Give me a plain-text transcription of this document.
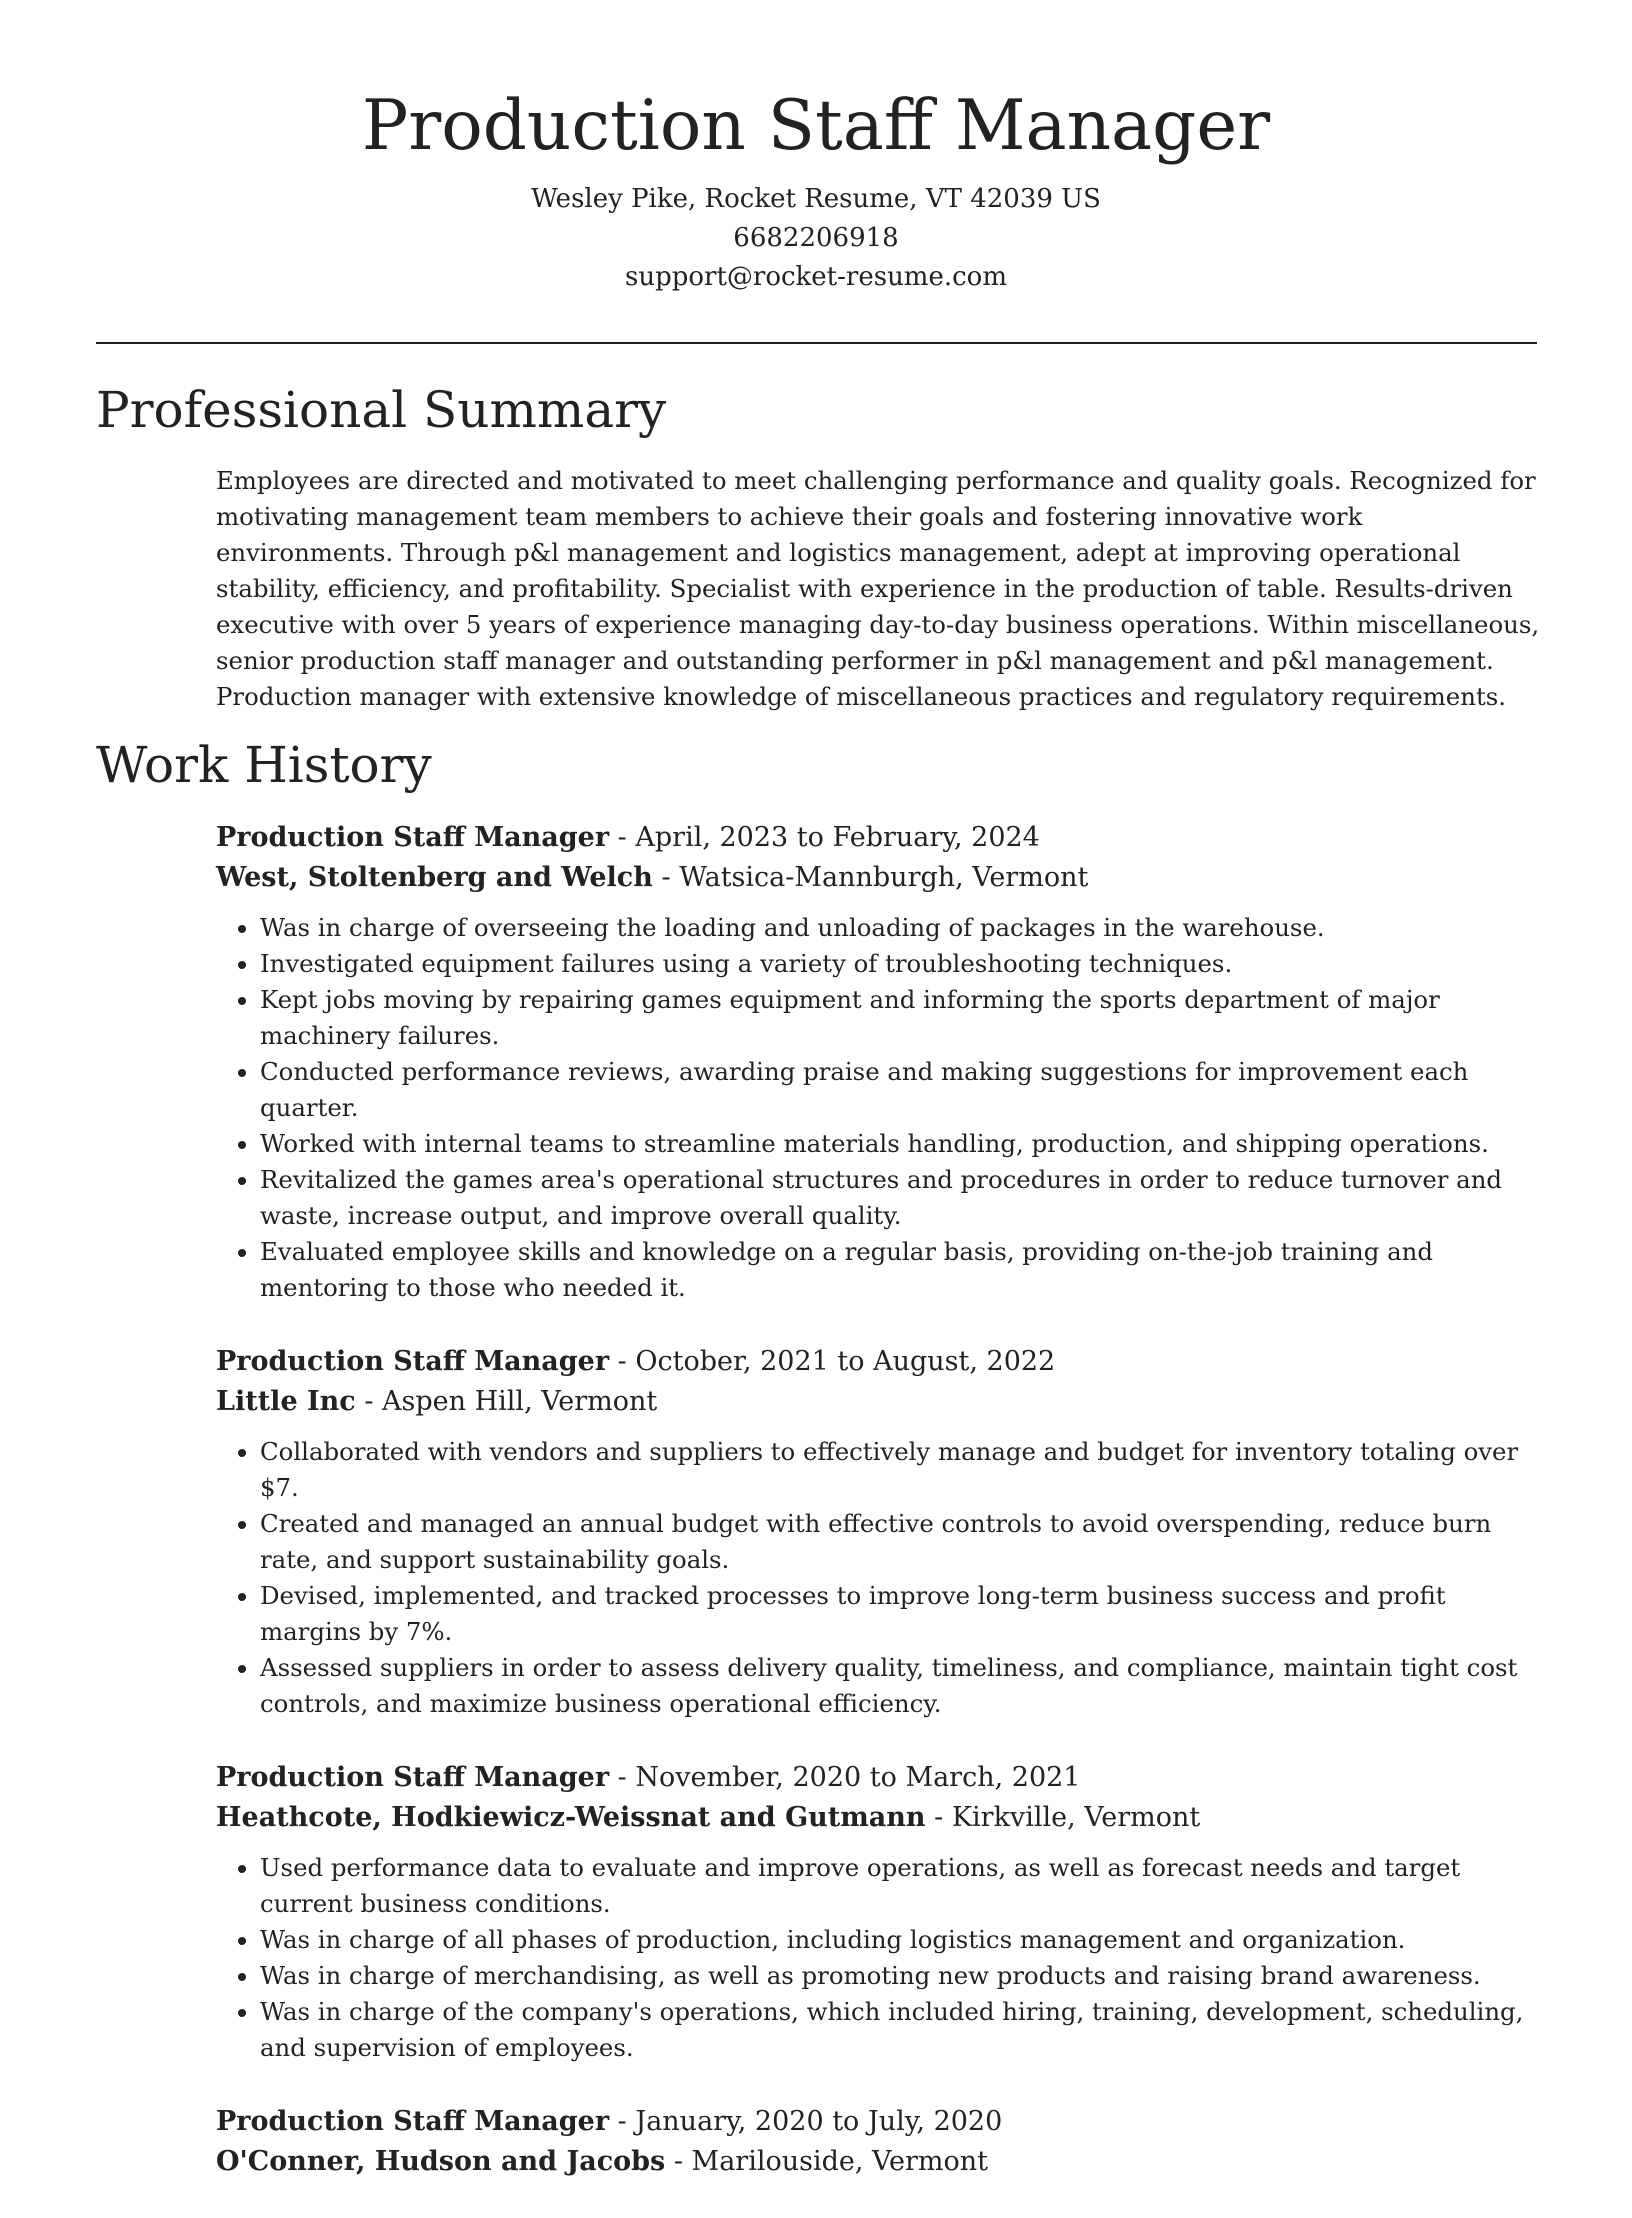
Production Staff Manager

Wesley Pike, Rocket Resume, VT 42039 US

6682206918

support@rocket-resume.com

Professional Summary

Employees are directed and motivated to meet challenging performance and quality goals. Recognized for motivating management team members to achieve their goals and fostering innovative work environments. Through p&l management and logistics management, adept at improving operational stability, efficiency, and profitability. Specialist with experience in the production of table. Results-driven executive with over 5 years of experience managing day-to-day business operations. Within miscellaneous, senior production staff manager and outstanding performer in p&l management and p&l management. Production manager with extensive knowledge of miscellaneous practices and regulatory requirements.

Work History

Production Staff Manager - April, 2023 to February, 2024

West, Stoltenberg and Welch - Watsica-Mannburgh, Vermont

• Was in charge of overseeing the loading and unloading of packages in the warehouse.
• Investigated equipment failures using a variety of troubleshooting techniques.
• Kept jobs moving by repairing games equipment and informing the sports department of major machinery failures.
• Conducted performance reviews, awarding praise and making suggestions for improvement each quarter.
• Worked with internal teams to streamline materials handling, production, and shipping operations.
• Revitalized the games area's operational structures and procedures in order to reduce turnover and waste, increase output, and improve overall quality.
• Evaluated employee skills and knowledge on a regular basis, providing on-the-job training and mentoring to those who needed it.

Production Staff Manager - October, 2021 to August, 2022

Little Inc - Aspen Hill, Vermont

• Collaborated with vendors and suppliers to effectively manage and budget for inventory totaling over $7.
• Created and managed an annual budget with effective controls to avoid overspending, reduce burn rate, and support sustainability goals.
• Devised, implemented, and tracked processes to improve long-term business success and profit margins by 7%.
• Assessed suppliers in order to assess delivery quality, timeliness, and compliance, maintain tight cost controls, and maximize business operational efficiency.

Production Staff Manager - November, 2020 to March, 2021

Heathcote, Hodkiewicz-Weissnat and Gutmann - Kirkville, Vermont

• Used performance data to evaluate and improve operations, as well as forecast needs and target current business conditions.
• Was in charge of all phases of production, including logistics management and organization.
• Was in charge of merchandising, as well as promoting new products and raising brand awareness.
• Was in charge of the company's operations, which included hiring, training, development, scheduling, and supervision of employees.

Production Staff Manager - January, 2020 to July, 2020

O'Conner, Hudson and Jacobs - Marilouside, Vermont
